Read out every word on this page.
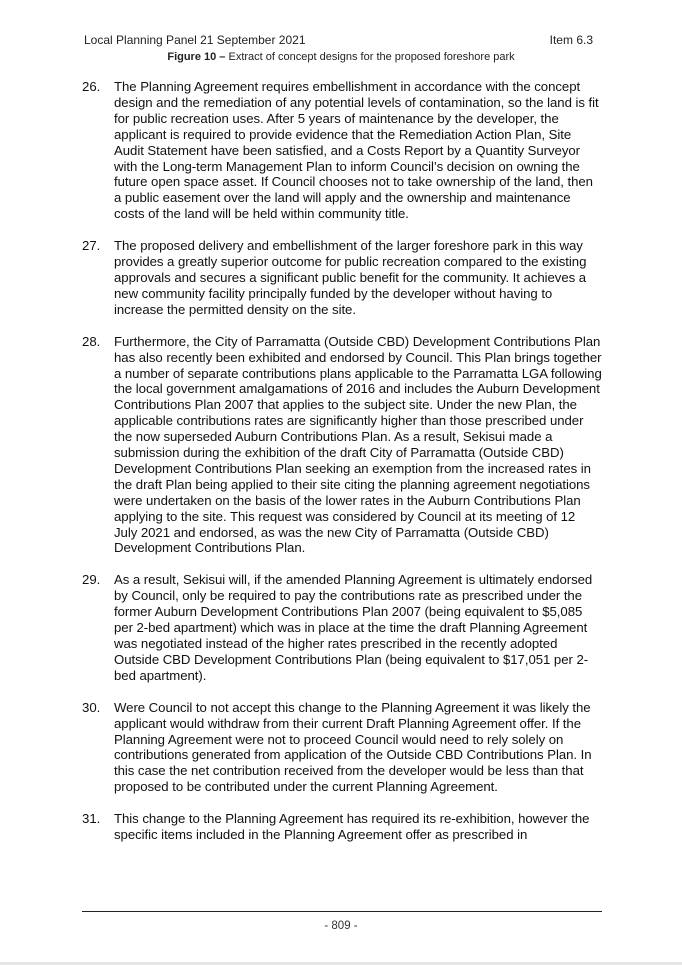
Local Planning Panel 21 September 2021	Item 6.3
Figure 10 – Extract of concept designs for the proposed foreshore park
26.	The Planning Agreement requires embellishment in accordance with the concept design and the remediation of any potential levels of contamination, so the land is fit for public recreation uses. After 5 years of maintenance by the developer, the applicant is required to provide evidence that the Remediation Action Plan, Site Audit Statement have been satisfied, and a Costs Report by a Quantity Surveyor with the Long-term Management Plan to inform Council’s decision on owning the future open space asset. If Council chooses not to take ownership of the land, then a public easement over the land will apply and the ownership and maintenance costs of the land will be held within community title.
27.	The proposed delivery and embellishment of the larger foreshore park in this way provides a greatly superior outcome for public recreation compared to the existing approvals and secures a significant public benefit for the community. It achieves a new community facility principally funded by the developer without having to increase the permitted density on the site.
28.	Furthermore, the City of Parramatta (Outside CBD) Development Contributions Plan has also recently been exhibited and endorsed by Council. This Plan brings together a number of separate contributions plans applicable to the Parramatta LGA following the local government amalgamations of 2016 and includes the Auburn Development Contributions Plan 2007 that applies to the subject site. Under the new Plan, the applicable contributions rates are significantly higher than those prescribed under the now superseded Auburn Contributions Plan. As a result, Sekisui made a submission during the exhibition of the draft City of Parramatta (Outside CBD) Development Contributions Plan seeking an exemption from the increased rates in the draft Plan being applied to their site citing the planning agreement negotiations were undertaken on the basis of the lower rates in the Auburn Contributions Plan applying to the site. This request was considered by Council at its meeting of 12 July 2021 and endorsed, as was the new City of Parramatta (Outside CBD) Development Contributions Plan.
29.	As a result, Sekisui will, if the amended Planning Agreement is ultimately endorsed by Council, only be required to pay the contributions rate as prescribed under the former Auburn Development Contributions Plan 2007 (being equivalent to $5,085 per 2-bed apartment) which was in place at the time the draft Planning Agreement was negotiated instead of the higher rates prescribed in the recently adopted Outside CBD Development Contributions Plan (being equivalent to $17,051 per 2-bed apartment).
30.	Were Council to not accept this change to the Planning Agreement it was likely the applicant would withdraw from their current Draft Planning Agreement offer. If the Planning Agreement were not to proceed Council would need to rely solely on contributions generated from application of the Outside CBD Contributions Plan. In this case the net contribution received from the developer would be less than that proposed to be contributed under the current Planning Agreement.
31.	This change to the Planning Agreement has required its re-exhibition, however the specific items included in the Planning Agreement offer as prescribed in
- 809 -
